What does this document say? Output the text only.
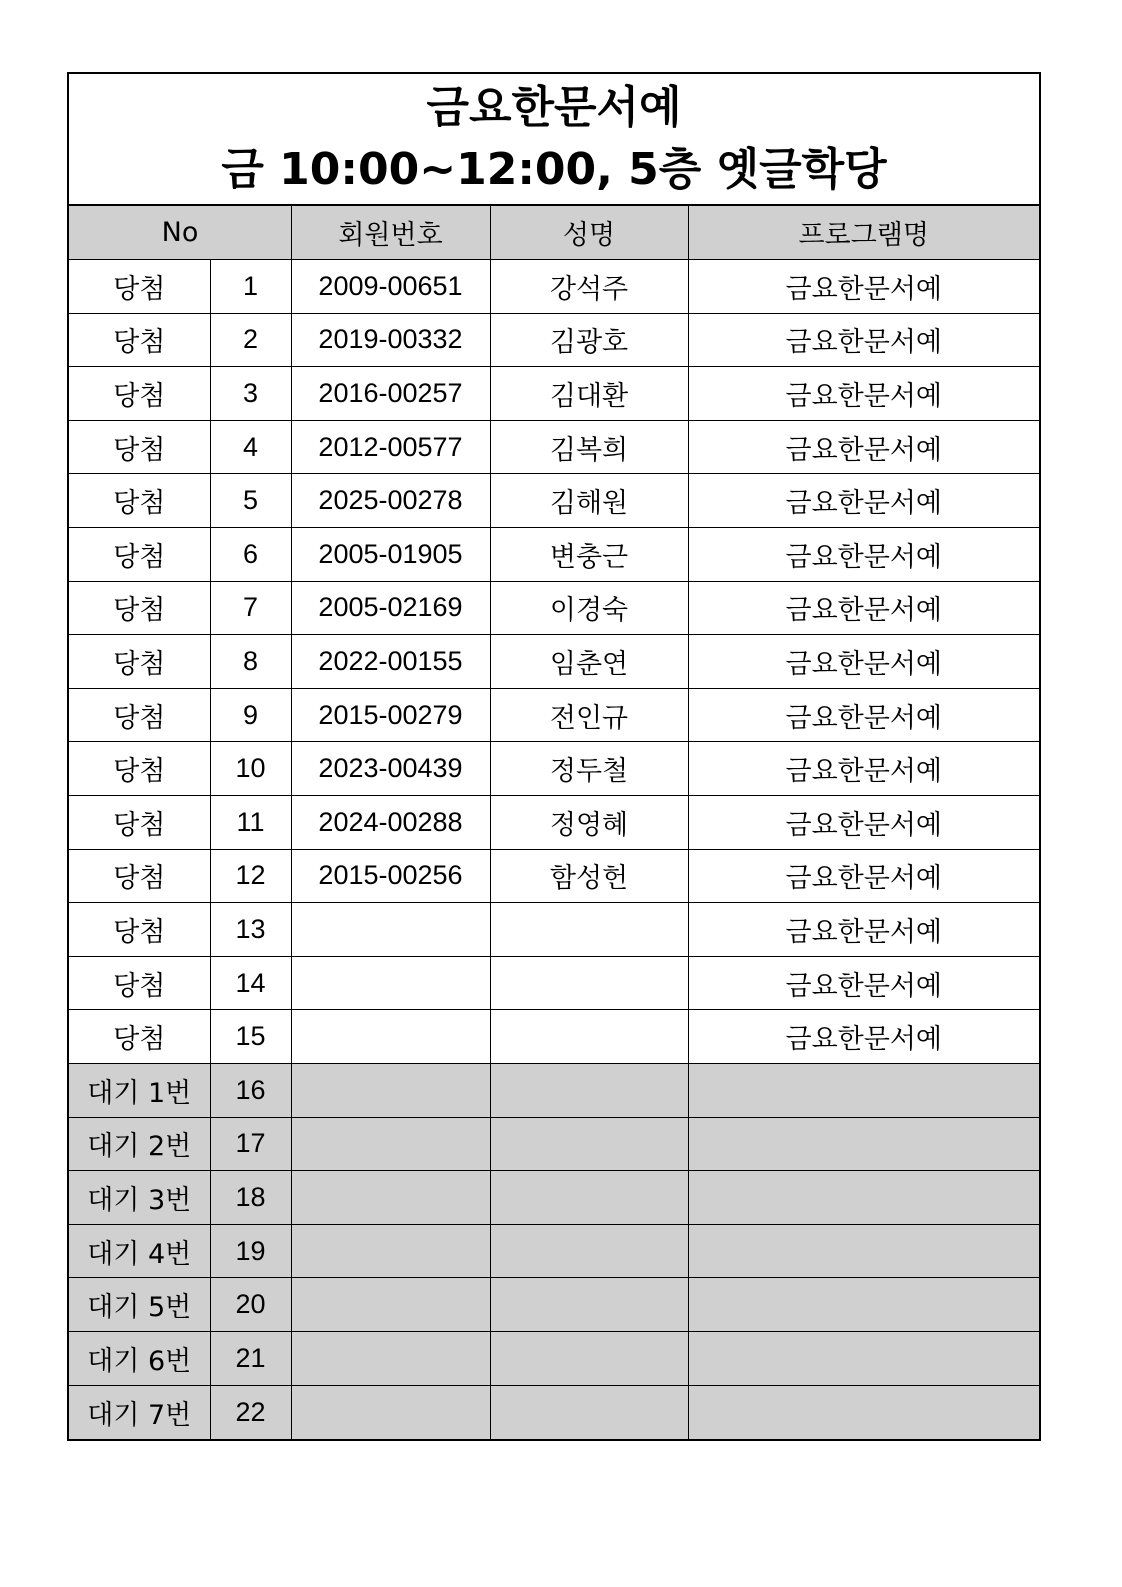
금요한문서예
금 10:00~12:00, 5층 옛글학당
No		회원번호	성명	프로그램명
당첨	1	2009-00651	강석주	금요한문서예
당첨	2	2019-00332	김광호	금요한문서예
당첨	3	2016-00257	김대환	금요한문서예
당첨	4	2012-00577	김복희	금요한문서예
당첨	5	2025-00278	김해원	금요한문서예
당첨	6	2005-01905	변충근	금요한문서예
당첨	7	2005-02169	이경숙	금요한문서예
당첨	8	2022-00155	임춘연	금요한문서예
당첨	9	2015-00279	전인규	금요한문서예
당첨	10	2023-00439	정두철	금요한문서예
당첨	11	2024-00288	정영혜	금요한문서예
당첨	12	2015-00256	함성헌	금요한문서예
당첨	13			금요한문서예
당첨	14			금요한문서예
당첨	15			금요한문서예
대기 1번	16			
대기 2번	17			
대기 3번	18			
대기 4번	19			
대기 5번	20			
대기 6번	21			
대기 7번	22			
